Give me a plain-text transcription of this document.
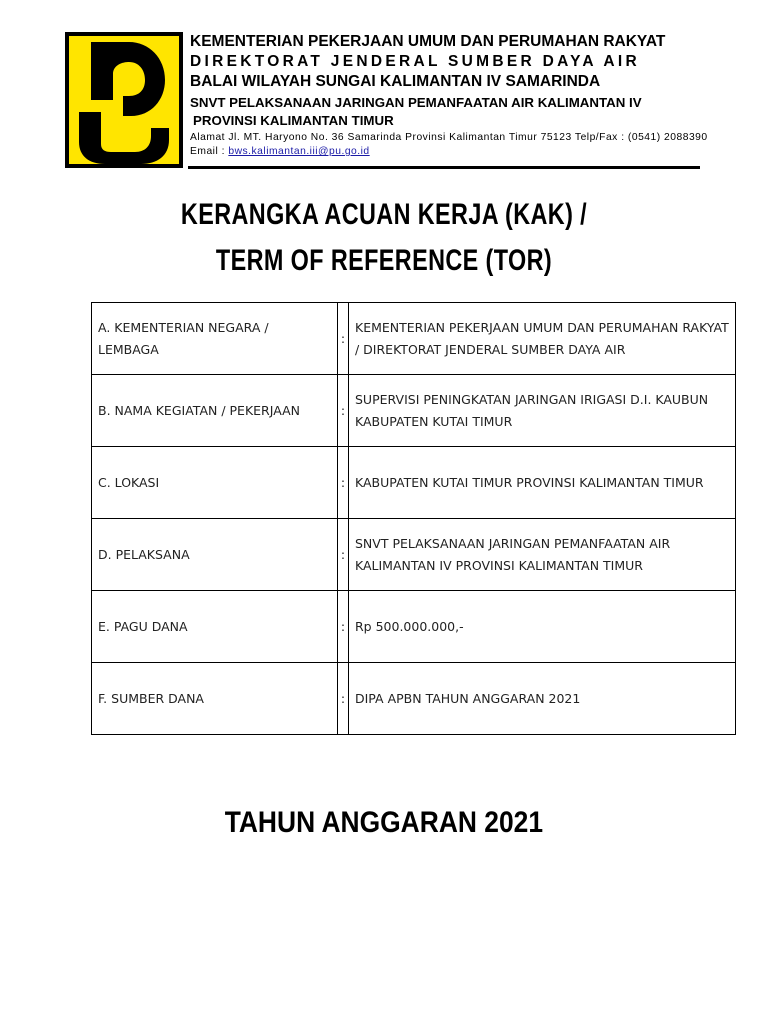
KEMENTERIAN PEKERJAAN UMUM DAN PERUMAHAN RAKYAT
DIREKTORAT JENDERAL SUMBER DAYA AIR
BALAI WILAYAH SUNGAI KALIMANTAN IV SAMARINDA
SNVT PELAKSANAAN JARINGAN PEMANFAATAN AIR KALIMANTAN IV
PROVINSI KALIMANTAN TIMUR
Alamat Jl. MT. Haryono No. 36 Samarinda Provinsi Kalimantan Timur 75123 Telp/Fax : (0541) 2088390 Email : bws.kalimantan.iii@pu.go.id
KERANGKA ACUAN KERJA (KAK) /
TERM OF REFERENCE (TOR)
A. KEMENTERIAN NEGARA / LEMBAGA	:	KEMENTERIAN PEKERJAAN UMUM DAN PERUMAHAN RAKYAT / DIREKTORAT JENDERAL SUMBER DAYA AIR
B. NAMA KEGIATAN / PEKERJAAN	:	SUPERVISI PENINGKATAN JARINGAN IRIGASI D.I. KAUBUN KABUPATEN KUTAI TIMUR
C. LOKASI	:	KABUPATEN KUTAI TIMUR PROVINSI KALIMANTAN TIMUR
D. PELAKSANA	:	SNVT PELAKSANAAN JARINGAN PEMANFAATAN AIR KALIMANTAN IV PROVINSI KALIMANTAN TIMUR
E. PAGU DANA	:	Rp 500.000.000,-
F. SUMBER DANA	:	DIPA APBN TAHUN ANGGARAN 2021
TAHUN ANGGARAN 2021
